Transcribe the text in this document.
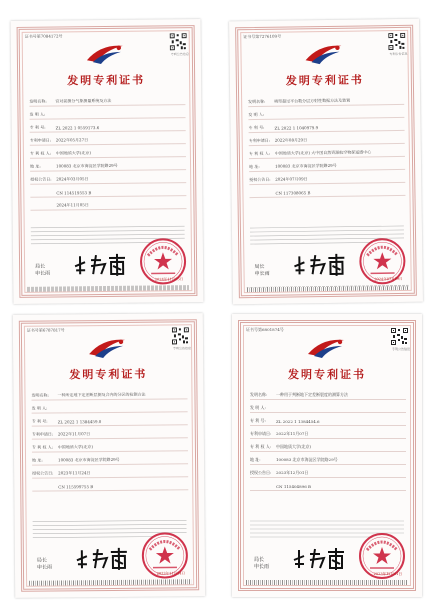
证书号第7084172号
专利公告信息
发明专利证书
发明名称:	官对前测分气象测量系统及方法
发 明 人:
专 利 号:	ZL 2022 1 0559173.6
专利申请日:	2022年05月27日
专 利 权 人:	中国地质大学(北京)
地 址:	100083 北京市海淀区学院路29号
授权公告日:	2024年03月05日
CN 114519553 B
2024年11月05日
局长
申长雨
2024年11月05日
证书号第7276109号
专利公告信息
发明专利证书
发明名称:	哨型超过平台数分层方射性数据方法及装置
发 明 人:
专 利 号:	ZL 2022 1 1040979.9
专利申请日:	2022年08月29日
专 利 权 人:	中国地质大学(北京) 大中国自然资源航空物探遥感中心
地 址:	100083 北京市海淀区学院路29号
授权公告日:	2024年07月09日
CN 117308065 B
局长
申长雨
2024年07月09日
证书号第6787817号
专利公告信息
发明专利证书
发明名称:	一种所定地下定差断层测及合内的分区的检测方法
发 明 人:
专 利 号:	ZL 2022 1 1384459.0
专利申请日:	2022年11月07日
专 利 权 人:	中国地质大学(北京)
地 址:	100083 北京市海淀区学院路29号
授权公告日:	2023年11月24日
CN 115599755 B
局长
申长雨
2023年11月24日
证书号第6801874号
专利公告信息
发明专利证书
发明名称:	一种用于判断地下定差断裂度的测算方法
发 明 人:
专 利 号:	ZL 2022 1 1384454.6
专利申请日:	2022年11月07日
专 利 权 人:	中国地质大学(北京)
地 址:	100083 北京市海淀区学院路29号
授权公告日:	2023年12月01日
CN 115404896 B
局长
申长雨
2023年12月01日
